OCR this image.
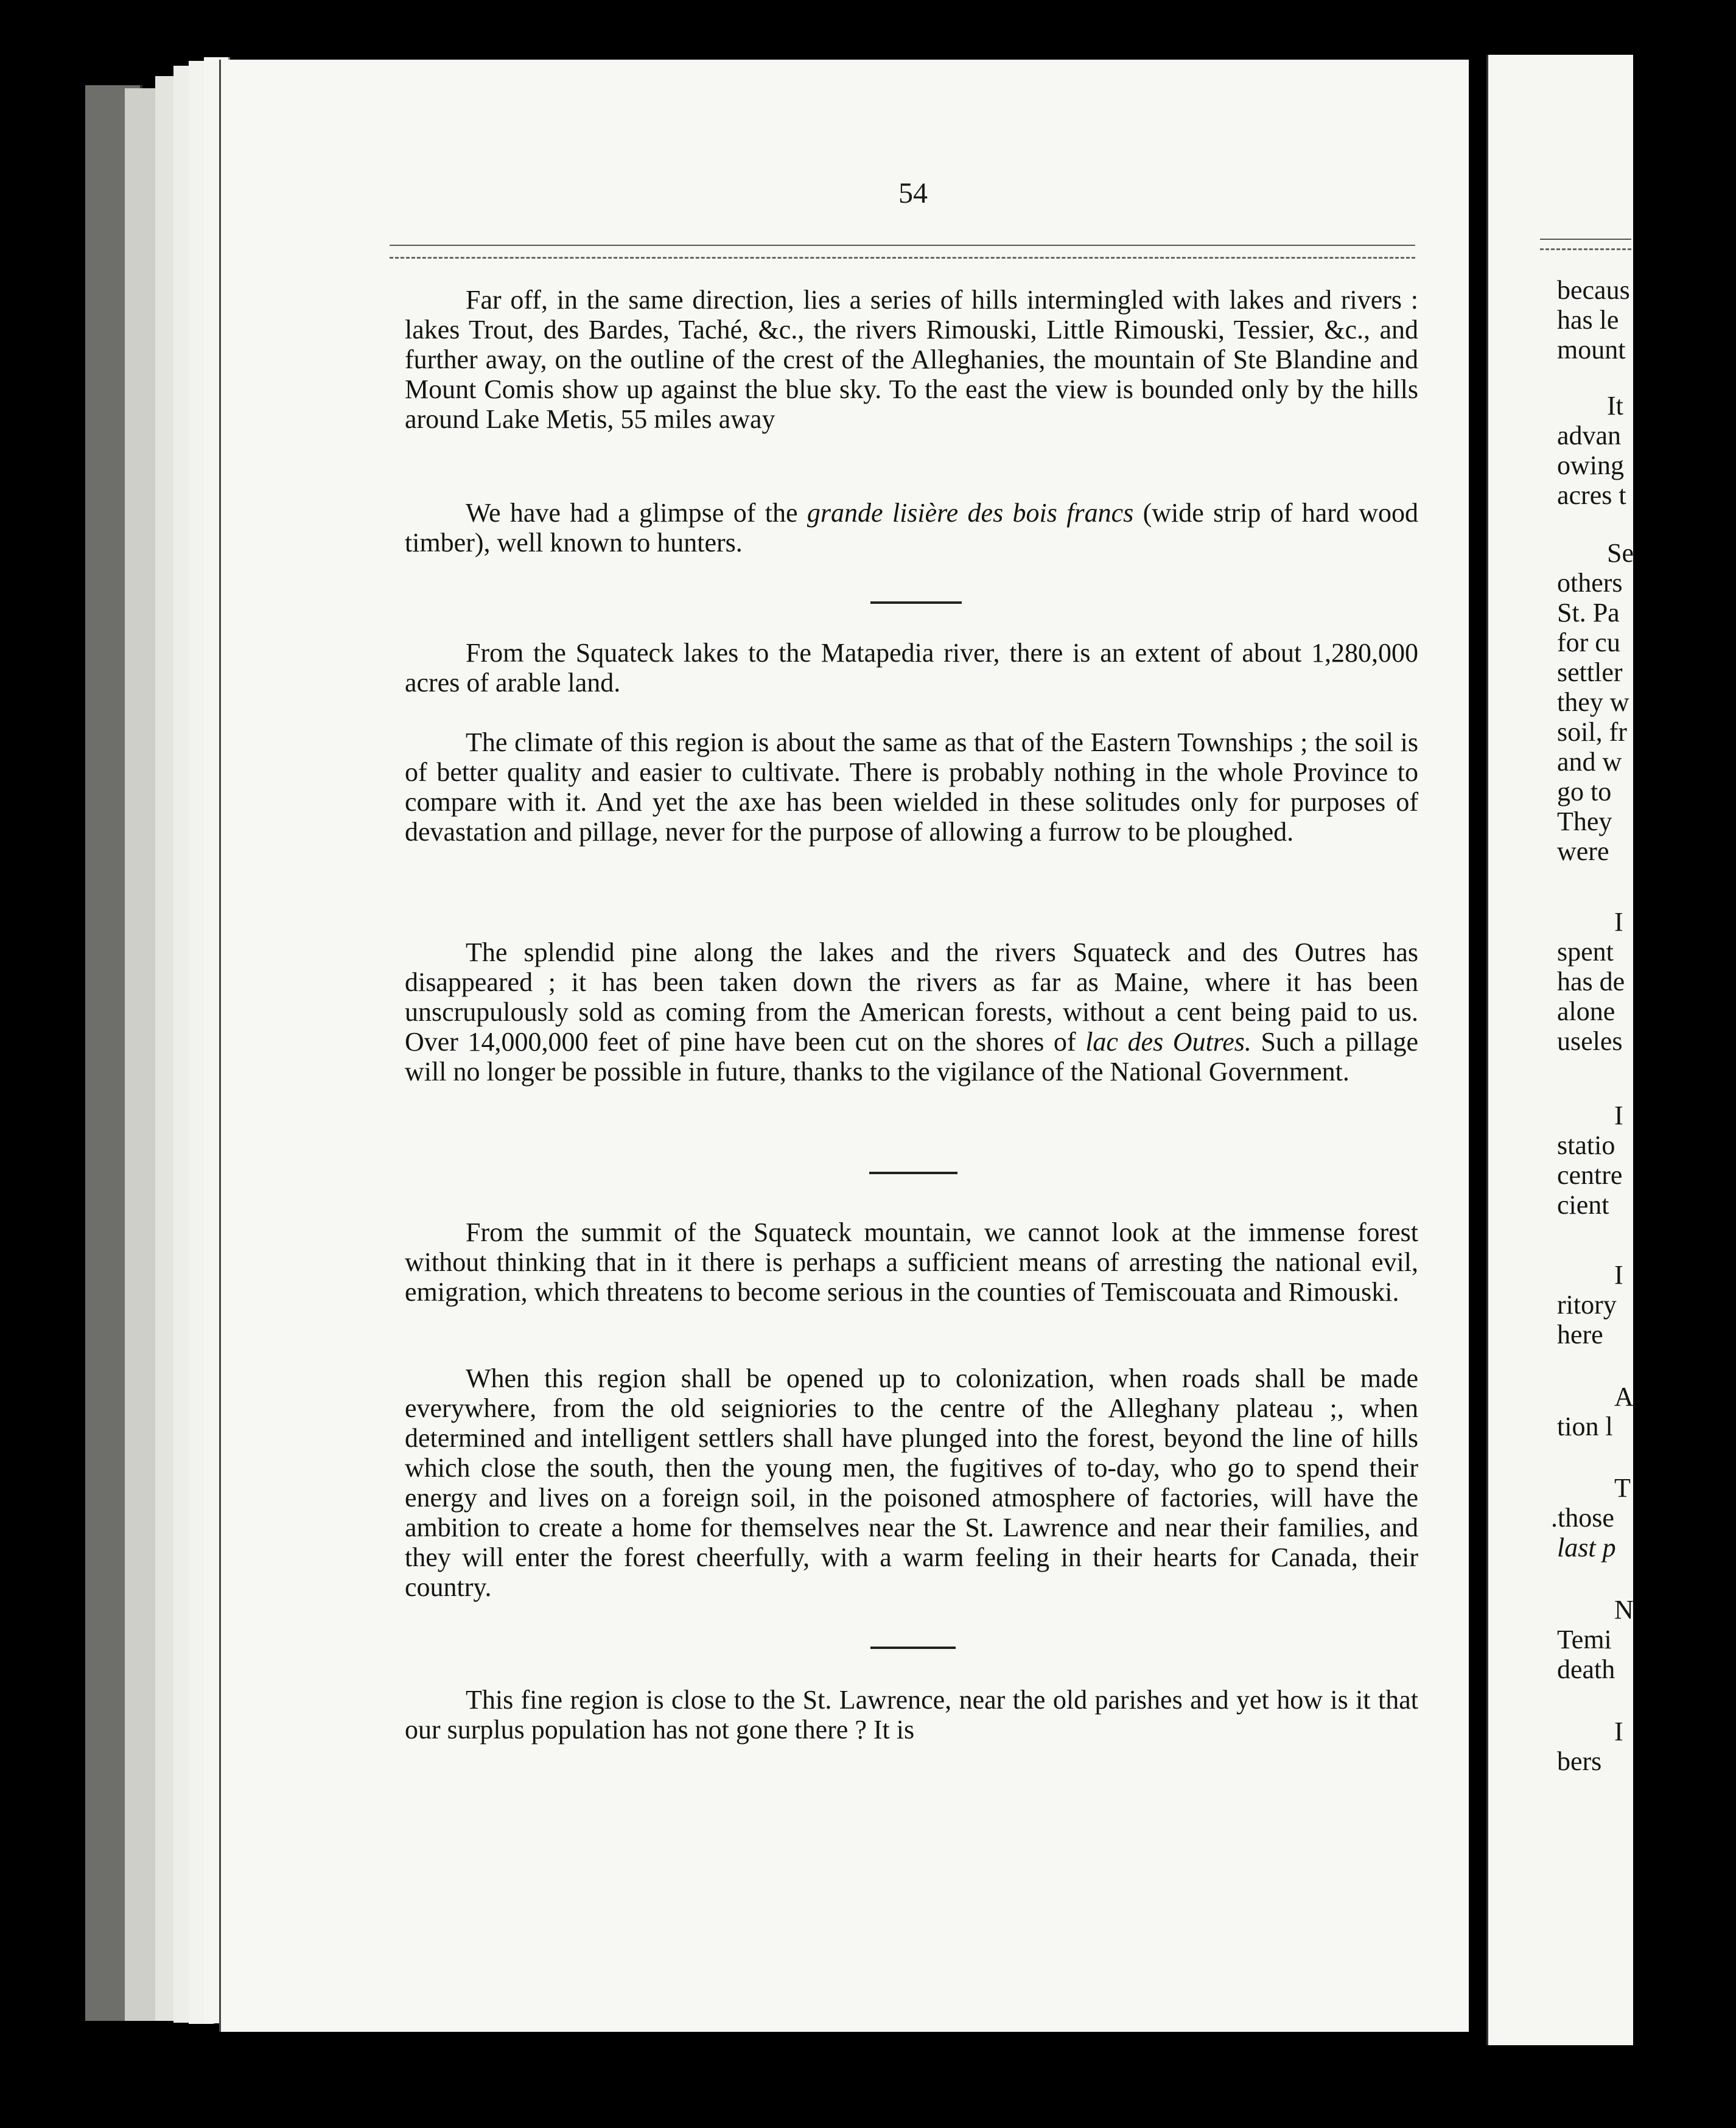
54

Far off, in the same direction, lies a series of hills intermingled with lakes and rivers : lakes Trout, des Bardes, Taché, &c., the rivers Rimouski, Little Rimouski, Tessier, &c., and further away, on the outline of the crest of the Alleghanies, the mountain of Ste Blandine and Mount Comis show up against the blue sky. To the east the view is bounded only by the hills around Lake Metis, 55 miles away

We have had a glimpse of the grande lisière des bois francs (wide strip of hard wood timber), well known to hunters.

From the Squateck lakes to the Matapedia river, there is an extent of about 1,280,000 acres of arable land.

The climate of this region is about the same as that of the Eastern Townships ; the soil is of better quality and easier to cultivate. There is probably nothing in the whole Province to compare with it. And yet the axe has been wielded in these solitudes only for purposes of devastation and pillage, never for the purpose of allowing a furrow to be ploughed.

The splendid pine along the lakes and the rivers Squateck and des Outres has disappeared ; it has been taken down the rivers as far as Maine, where it has been unscrupulously sold as coming from the American forests, without a cent being paid to us. Over 14,000,000 feet of pine have been cut on the shores of lac des Outres. Such a pillage will no longer be possible in future, thanks to the vigilance of the National Government.

From the summit of the Squateck mountain, we cannot look at the immense forest without thinking that in it there is perhaps a sufficient means of arresting the national evil, emigration, which threatens to become serious in the counties of Temiscouata and Rimouski.

When this region shall be opened up to colonization, when roads shall be made everywhere, from the old seigniories to the centre of the Alleghany plateau ;, when determined and intelligent settlers shall have plunged into the forest, beyond the line of hills which close the south, then the young men, the fugitives of to-day, who go to spend their energy and lives on a foreign soil, in the poisoned atmosphere of factories, will have the ambition to create a home for themselves near the St. Lawrence and near their families, and they will enter the forest cheerfully, with a warm feeling in their hearts for Canada, their country.

This fine region is close to the St. Lawrence, near the old parishes and yet how is it that our surplus population has not gone there ? It is

becaus
has le
mount
It
advan
owing
acres t
Se
others
St. Pa
for cu
settler
they w
soil, fr
and w
go to
They
were
I
spent
has de
alone
useles
I
statio
centre
cient
I
ritory
here
A
tion l
T
.those
last p
N
Temi
death
I
bers
